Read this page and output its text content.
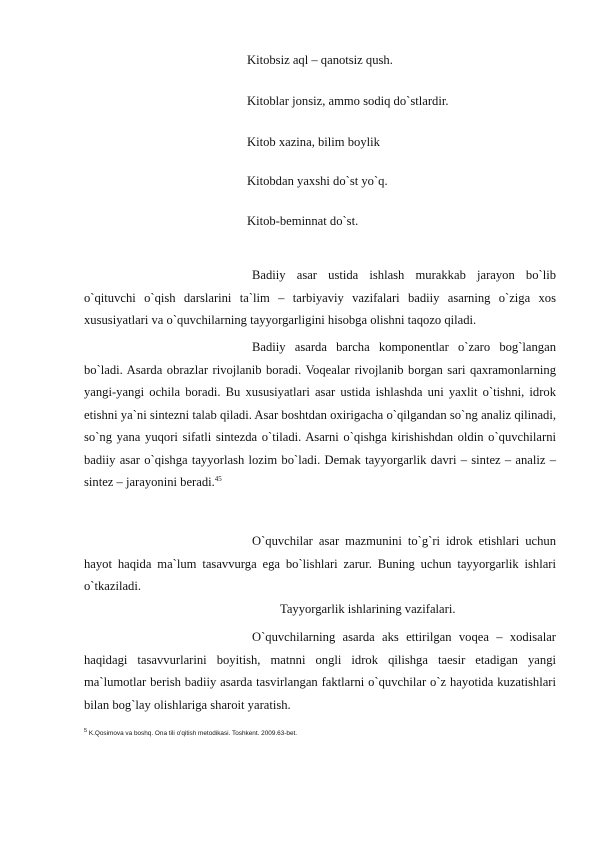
Kitobsiz aql – qanotsiz qush.
Kitoblar jonsiz, ammo sodiq do`stlardir.
Kitob xazina, bilim boylik
Kitobdan yaxshi do`st yo`q.
Kitob-beminnat do`st.

Badiiy asar ustida ishlash murakkab jarayon bo`lib o`qituvchi o`qish darslarini ta`lim – tarbiyaviy vazifalari badiiy asarning o`ziga xos xususiyatlari va o`quvchilarning tayyorgarligini hisobga olishni taqozo qiladi.

Badiiy asarda barcha komponentlar o`zaro bog`langan bo`ladi. Asarda obrazlar rivojlanib boradi. Voqealar rivojlanib borgan sari qaxramonlarning yangi-yangi ochila boradi. Bu xususiyatlari asar ustida ishlashda uni yaxlit o`tishni, idrok etishni ya`ni sintezni talab qiladi. Asar boshtdan oxirigacha o`qilgandan so`ng analiz qilinadi, so`ng yana yuqori sifatli sintezda o`tiladi. Asarni o`qishga kirishishdan oldin o`quvchilarni badiiy asar o`qishga tayyorlash lozim bo`ladi. Demak tayyorgarlik davri – sintez – analiz – sintez – jarayonini beradi.$^{45}$

O`quvchilar asar mazmunini to`g`ri idrok etishlari uchun hayot haqida ma`lum tasavvurga ega bo`lishlari zarur. Buning uchun tayyorgarlik ishlari o`tkaziladi.

Tayyorgarlik ishlarining vazifalari.

O`quvchilarning asarda aks ettirilgan voqea – xodisalar haqidagi tasavvurlarini boyitish, matnni ongli idrok qilishga taesir etadigan yangi ma`lumotlar berish badiiy asarda tasvirlangan faktlarni o`quvchilar o`z hayotida kuzatishlari bilan bog`lay olishlariga sharoit yaratish.

$^5$ K.Qosimova va boshq. Ona tili o'qitish metodikasi. Toshkent. 2009.63-bet.
